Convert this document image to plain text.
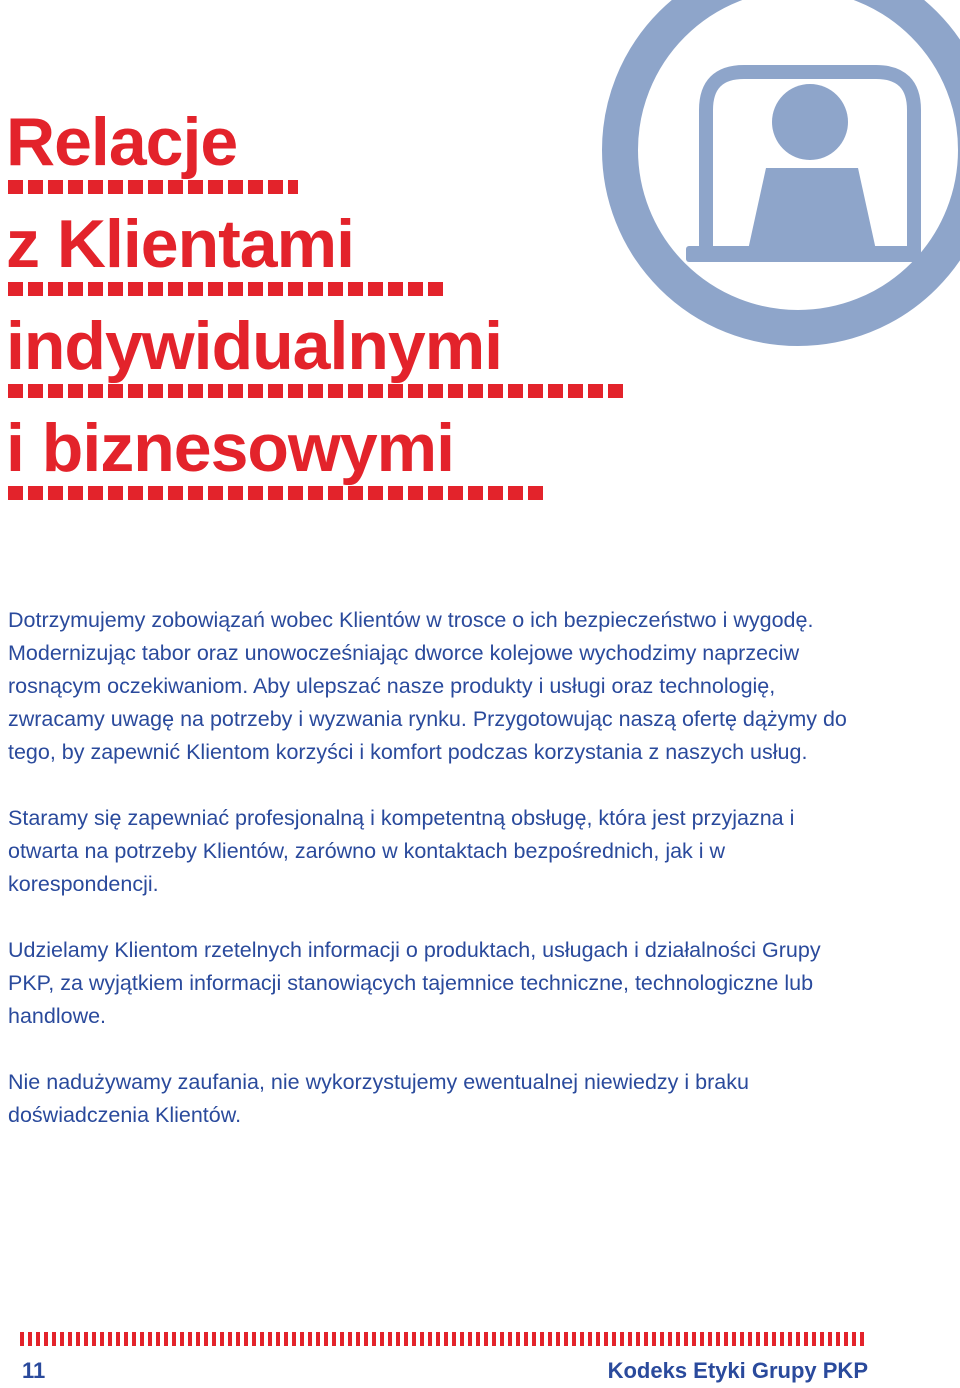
Relacje
z Klientami
indywidualnymi
i biznesowymi

Dotrzymujemy zobowiązań wobec Klientów w trosce o ich bezpieczeństwo i wygodę. Modernizując tabor oraz unowocześniając dworce kolejowe wychodzimy naprzeciw rosnącym oczekiwaniom. Aby ulepszać nasze produkty i usługi oraz technologię, zwracamy uwagę na potrzeby i wyzwania rynku. Przygotowując naszą ofertę dążymy do tego, by zapewnić Klientom korzyści i komfort podczas korzystania z naszych usług.

Staramy się zapewniać profesjonalną i kompetentną obsługę, która jest przyjazna i otwarta na potrzeby Klientów, zarówno w kontaktach bezpośrednich, jak i w korespondencji.

Udzielamy Klientom rzetelnych informacji o produktach, usługach i działalności Grupy PKP, za wyjątkiem informacji stanowiących tajemnice techniczne, technologiczne lub handlowe.

Nie nadużywamy zaufania, nie wykorzystujemy ewentualnej niewiedzy i braku doświadczenia Klientów.

11	Kodeks Etyki Grupy PKP
